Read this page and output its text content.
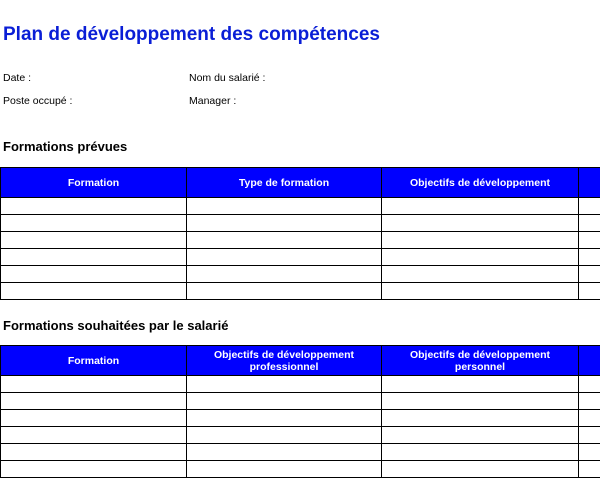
Plan de développement des compétences
Date :	Nom du salarié :
Poste occupé :	Manager :
Formations prévues
Formation	Type de formation	Objectifs de développement	

Formations souhaitées par le salarié
Formation	Objectifs de développement professionnel	Objectifs de développement personnel	
